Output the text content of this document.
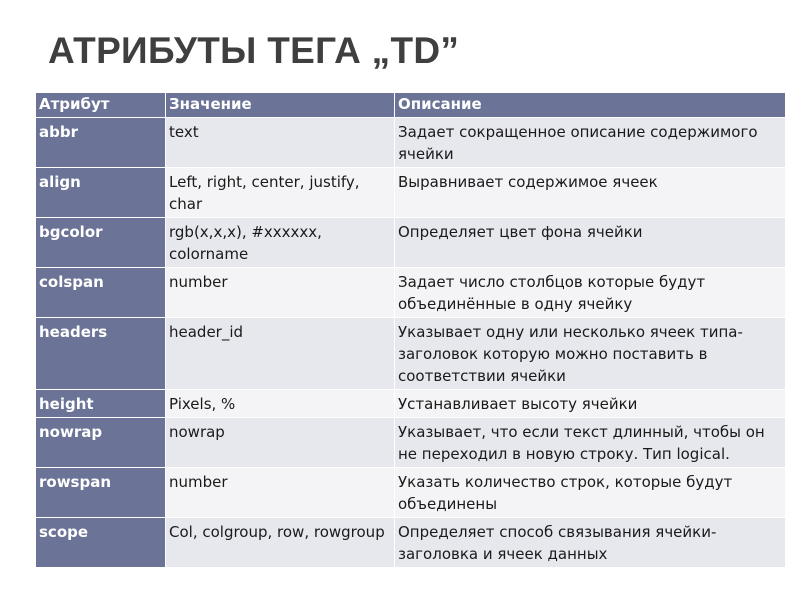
АТРИБУТЫ ТЕГА „TD”
Атрибут	Значение	Описание
abbr	text	Задает сокращенное описание содержимого ячейки
align	Left, right, center, justify, char	Выравнивает содержимое ячеек
bgcolor	rgb(x,x,x), #xxxxxx, colorname	Определяет цвет фона ячейки
colspan	number	Задает число столбцов которые будут объединённые в одну ячейку
headers	header_id	Указывает одну или несколько ячеек типа-заголовок которую можно поставить в соответствии ячейки
height	Pixels, %	Устанавливает высоту ячейки
nowrap	nowrap	Указывает, что если текст длинный, чтобы он не переходил в новую строку. Тип logical.
rowspan	number	Указать количество строк, которые будут объединены
scope	Col, colgroup, row, rowgroup	Определяет способ связывания ячейки-заголовка и ячеек данных
